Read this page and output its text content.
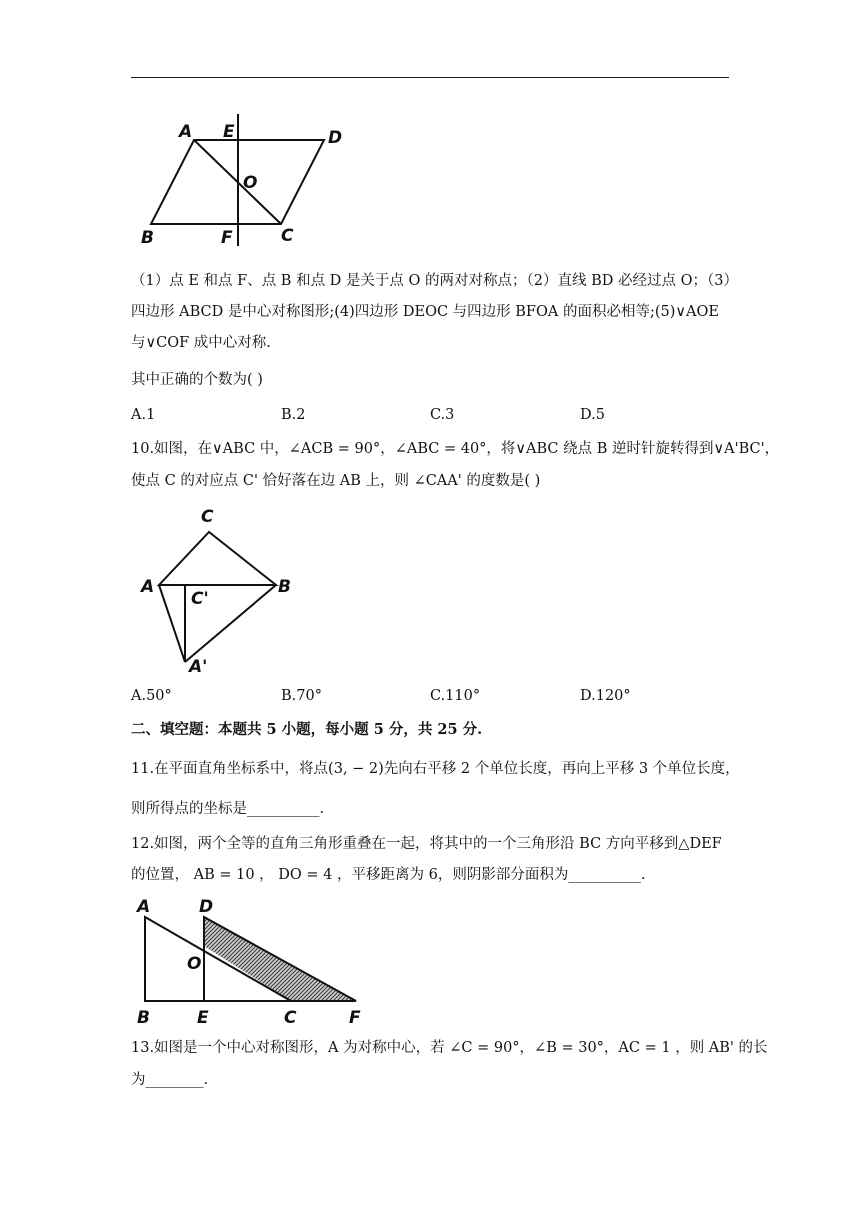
A E	D
O
B	F	C
（1）点 E 和点 F、点 B 和点 D 是关于点 O 的两对对称点；（2）直线 BD 必经过点 O；（3）
四边形 ABCD 是中心对称图形;(4)四边形 DEOC 与四边形 BFOA 的面积必相等;(5)∨AOE
与∨COF 成中心对称.
其中正确的个数为( )
A.1	B.2	C.3	D.5
10.如图，在∨ABC 中，∠ACB = 90°，∠ABC = 40°，将∨ABC 绕点 B 逆时针旋转得到∨A'BC'，
使点 C 的对应点 C' 恰好落在边 AB 上，则 ∠CAA' 的度数是( )
C
A	B
C'
A'
A.50°	B.70°	C.110°	D.120°
二、填空题：本题共 5 小题，每小题 5 分，共 25 分.
11.在平面直角坐标系中，将点(3, − 2)先向右平移 2 个单位长度，再向上平移 3 个单位长度，
则所得点的坐标是__________.
12.如图，两个全等的直角三角形重叠在一起，将其中的一个三角形沿 BC 方向平移到△DEF
的位置， AB = 10 ， DO = 4 ，平移距离为 6，则阴影部分面积为__________.
A	D
O
B	E	C	F
13.如图是一个中心对称图形，A 为对称中心，若 ∠C = 90°，∠B = 30°，AC = 1 ，则 AB' 的长
为________.
